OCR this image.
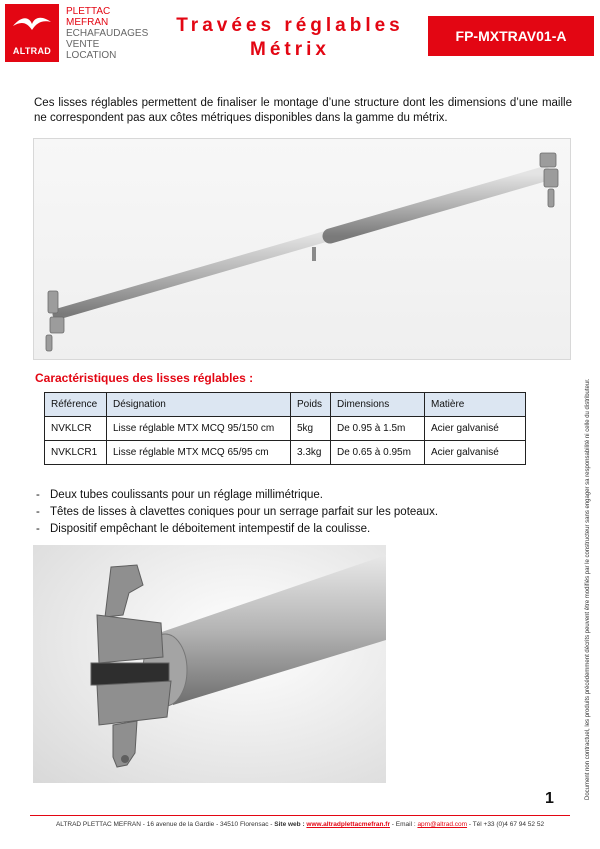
ALTRAD
PLETTAC
MEFRAN
ECHAFAUDAGES
VENTE
LOCATION
Travées réglables
Métrix
FP-MXTRAV01-A

Ces lisses réglables permettent de finaliser le montage d’une structure dont les dimensions d’une maille ne correspondent pas aux côtes métriques disponibles dans la gamme du métrix.

Caractéristiques des lisses réglables :
Référence	Désignation	Poids	Dimensions	Matière
NVKLCR	Lisse réglable MTX MCQ 95/150 cm	5kg	De 0.95 à 1.5m	Acier galvanisé
NVKLCR1	Lisse réglable MTX MCQ 65/95 cm	3.3kg	De 0.65 à 0.95m	Acier galvanisé
- Deux tubes coulissants pour un réglage millimétrique.
- Têtes de lisses à clavettes coniques pour un serrage parfait sur les poteaux.
- Dispositif empêchant le déboitement intempestif de la coulisse.	Document non contractuel, les produits précédemment décrits peuvent être modifiés par le constructeur sans engager sa responsabilité ni celle du distributeur.
1
ALTRAD PLETTAC MEFRAN - 16 avenue de la Gardie - 34510 Florensac - Site web : www.altradplettacmefran.fr - Email : apm@altrad.com - Tél +33 (0)4 67 94 52 52
